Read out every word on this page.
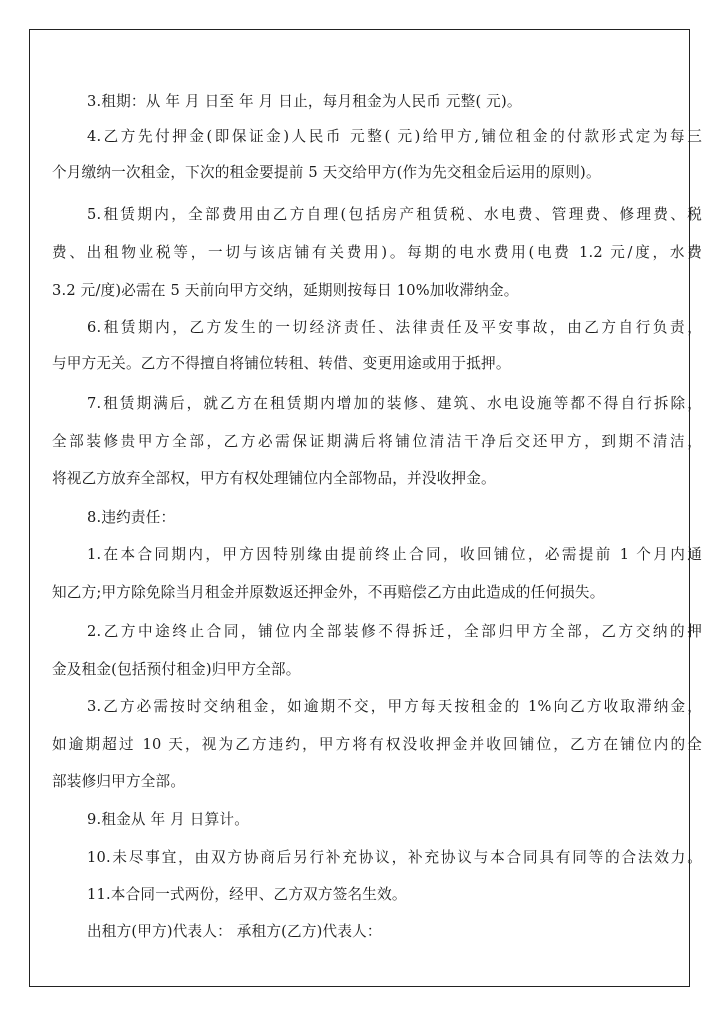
3.租期：从 年 月 日至 年 月 日止，每月租金为人民币 元整( 元)。
4.乙方先付押金(即保证金)人民币 元整( 元)给甲方,铺位租金的付款形式定为每三
个月缴纳一次租金，下次的租金要提前 5 天交给甲方(作为先交租金后运用的原则)。
5.租赁期内，全部费用由乙方自理(包括房产租赁税、水电费、管理费、修理费、税
费、出租物业税等，一切与该店铺有关费用)。每期的电水费用(电费 1.2 元/度，水费
3.2 元/度)必需在 5 天前向甲方交纳，延期则按每日 10%加收滞纳金。
6.租赁期内，乙方发生的一切经济责任、法律责任及平安事故，由乙方自行负责，
与甲方无关。乙方不得擅自将铺位转租、转借、变更用途或用于抵押。
7.租赁期满后，就乙方在租赁期内增加的装修、建筑、水电设施等都不得自行拆除，
全部装修贵甲方全部，乙方必需保证期满后将铺位清洁干净后交还甲方，到期不清洁，
将视乙方放弃全部权，甲方有权处理铺位内全部物品，并没收押金。
8.违约责任：
1.在本合同期内，甲方因特别缘由提前终止合同，收回铺位，必需提前 1 个月内通
知乙方;甲方除免除当月租金并原数返还押金外，不再赔偿乙方由此造成的任何损失。
2.乙方中途终止合同，铺位内全部装修不得拆迁，全部归甲方全部，乙方交纳的押
金及租金(包括预付租金)归甲方全部。
3.乙方必需按时交纳租金，如逾期不交，甲方每天按租金的 1%向乙方收取滞纳金，
如逾期超过 10 天，视为乙方违约，甲方将有权没收押金并收回铺位，乙方在铺位内的全
部装修归甲方全部。
9.租金从 年 月 日算计。
10.未尽事宜，由双方协商后另行补充协议，补充协议与本合同具有同等的合法效力。
11.本合同一式两份，经甲、乙方双方签名生效。
出租方(甲方)代表人： 承租方(乙方)代表人：
